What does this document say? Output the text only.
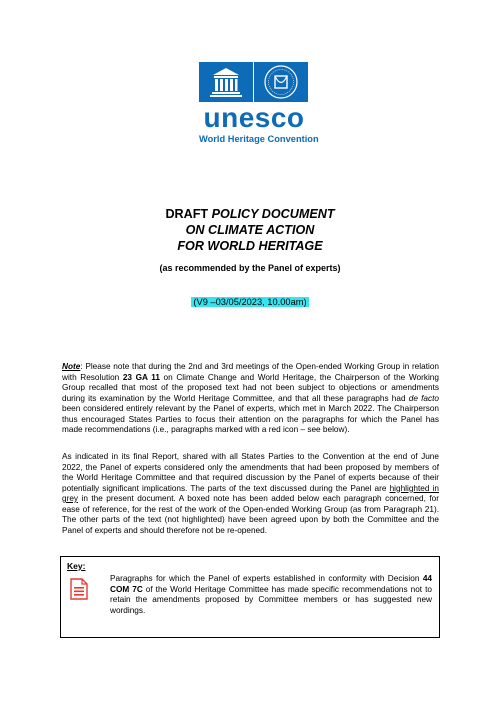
unesco
World Heritage Convention
DRAFT POLICY DOCUMENT
ON CLIMATE ACTION
FOR WORLD HERITAGE
(as recommended by the Panel of experts)
(V9 –03/05/2023, 10.00am)
Note: Please note that during the 2nd and 3rd meetings of the Open-ended Working Group in relation with Resolution 23 GA 11 on Climate Change and World Heritage, the Chairperson of the Working Group recalled that most of the proposed text had not been subject to objections or amendments during its examination by the World Heritage Committee, and that all these paragraphs had de facto been considered entirely relevant by the Panel of experts, which met in March 2022. The Chairperson thus encouraged States Parties to focus their attention on the paragraphs for which the Panel has made recommendations (i.e., paragraphs marked with a red icon – see below).
As indicated in its final Report, shared with all States Parties to the Convention at the end of June 2022, the Panel of experts considered only the amendments that had been proposed by members of the World Heritage Committee and that required discussion by the Panel of experts because of their potentially significant implications. The parts of the text discussed during the Panel are highlighted in grey in the present document. A boxed note has been added below each paragraph concerned, for ease of reference, for the rest of the work of the Open-ended Working Group (as from Paragraph 21). The other parts of the text (not highlighted) have been agreed upon by both the Committee and the Panel of experts and should therefore not be re-opened.
Key:
Paragraphs for which the Panel of experts established in conformity with Decision 44 COM 7C of the World Heritage Committee has made specific recommendations not to retain the amendments proposed by Committee members or has suggested new wordings.
